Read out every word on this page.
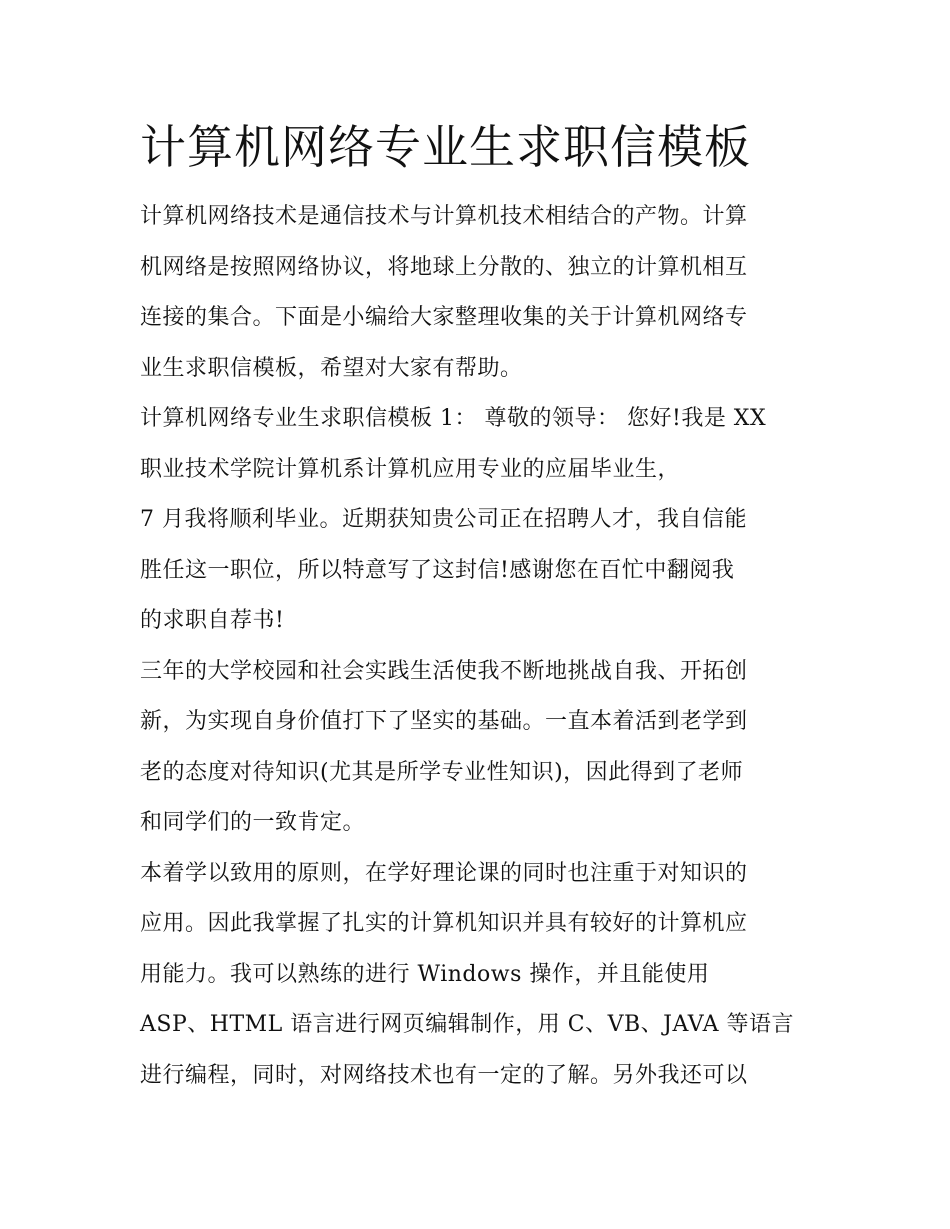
计算机网络专业生求职信模板
计算机网络技术是通信技术与计算机技术相结合的产物。计算
机网络是按照网络协议，将地球上分散的、独立的计算机相互
连接的集合。下面是小编给大家整理收集的关于计算机网络专
业生求职信模板，希望对大家有帮助。
计算机网络专业生求职信模板 1： 尊敬的领导： 您好!我是 XX
职业技术学院计算机系计算机应用专业的应届毕业生，
7 月我将顺利毕业。近期获知贵公司正在招聘人才，我自信能
胜任这一职位，所以特意写了这封信!感谢您在百忙中翻阅我
的求职自荐书!
三年的大学校园和社会实践生活使我不断地挑战自我、开拓创
新，为实现自身价值打下了坚实的基础。一直本着活到老学到
老的态度对待知识(尤其是所学专业性知识)，因此得到了老师
和同学们的一致肯定。
本着学以致用的原则，在学好理论课的同时也注重于对知识的
应用。因此我掌握了扎实的计算机知识并具有较好的计算机应
用能力。我可以熟练的进行 Windows 操作，并且能使用
ASP、HTML 语言进行网页编辑制作，用 C、VB、JAVA 等语言
进行编程，同时，对网络技术也有一定的了解。另外我还可以
